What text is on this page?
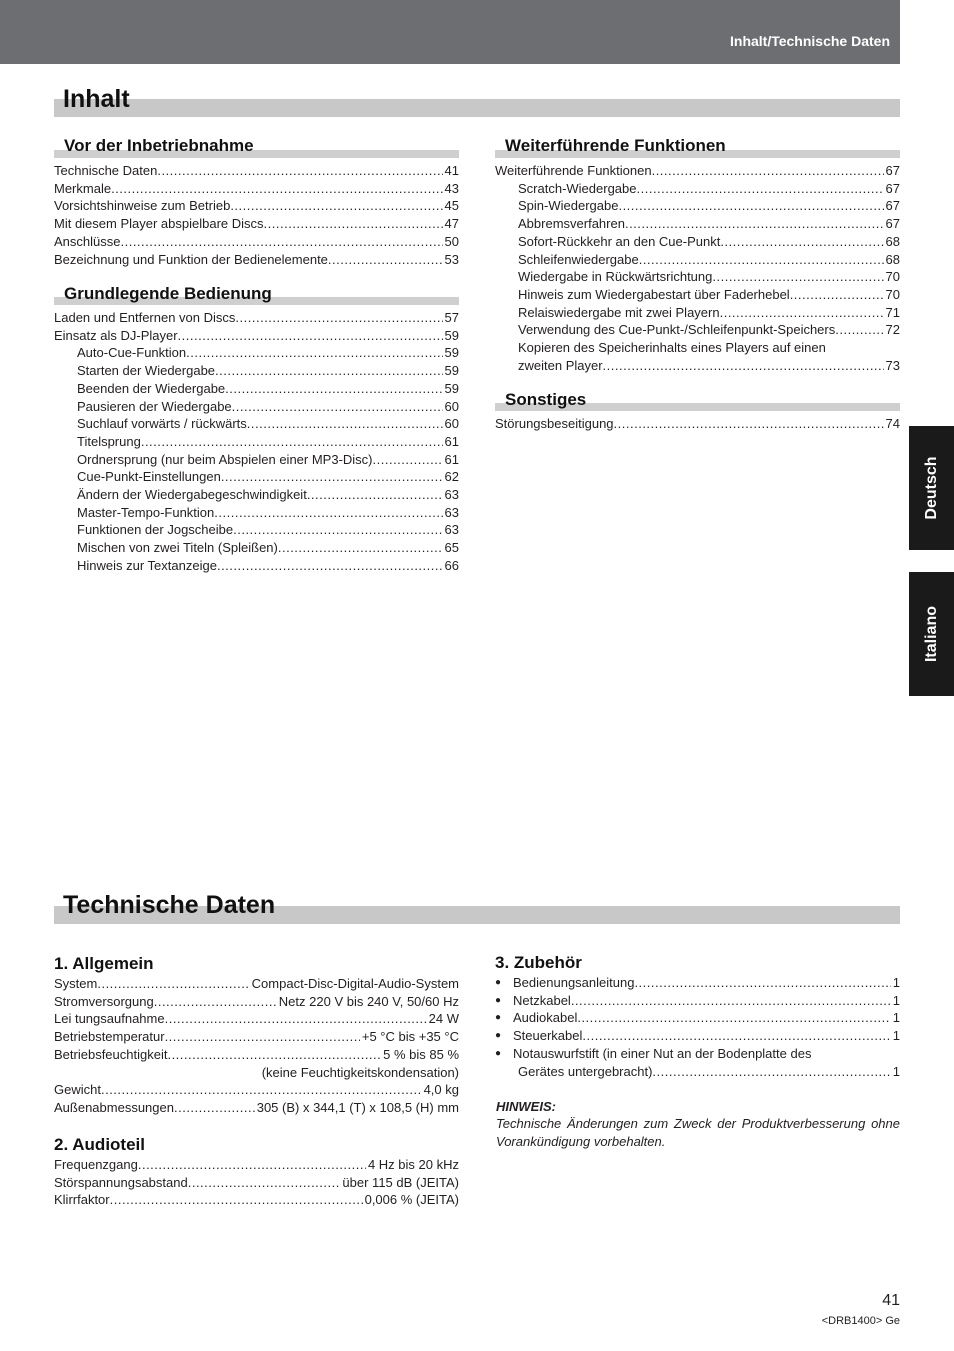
Inhalt/Technische Daten
Inhalt
Vor der Inbetriebnahme
Technische Daten .....	41
Merkmale .....	43
Vorsichtshinweise zum Betrieb .....	45
Mit diesem Player abspielbare Discs .....	47
Anschlüsse .....	50
Bezeichnung und Funktion der Bedienelemente .....	53
Grundlegende Bedienung
Laden und Entfernen von Discs .....	57
Einsatz als DJ-Player .....	59
Auto-Cue-Funktion .....	59
Starten der Wiedergabe .....	59
Beenden der Wiedergabe .....	59
Pausieren der Wiedergabe .....	60
Suchlauf vorwärts / rückwärts .....	60
Titelsprung .....	61
Ordnersprung (nur beim Abspielen einer MP3-Disc) .....	61
Cue-Punkt-Einstellungen .....	62
Ändern der Wiedergabegeschwindigkeit .....	63
Master-Tempo-Funktion .....	63
Funktionen der Jogscheibe .....	63
Mischen von zwei Titeln (Spleißen) .....	65
Hinweis zur Textanzeige .....	66
Weiterführende Funktionen
Weiterführende Funktionen .....	67
Scratch-Wiedergabe .....	67
Spin-Wiedergabe .....	67
Abbremsverfahren .....	67
Sofort-Rückkehr an den Cue-Punkt .....	68
Schleifenwiedergabe .....	68
Wiedergabe in Rückwärtsrichtung .....	70
Hinweis zum Wiedergabestart über Faderhebel .....	70
Relaiswiedergabe mit zwei Playern .....	71
Verwendung des Cue-Punkt-/Schleifenpunkt-Speichers .....	72
Kopieren des Speicherinhalts eines Players auf einen
zweiten Player .....	73
Sonstiges
Störungsbeseitigung .....	74
Technische Daten
1. Allgemein
System .....	Compact-Disc-Digital-Audio-System
Stromversorgung .....	Netz 220 V bis 240 V, 50/60 Hz
Lei tungsaufnahme .....	24 W
Betriebstemperatur .....	+5 °C bis +35 °C
Betriebsfeuchtigkeit .....	5 % bis 85 %
(keine Feuchtigkeitskondensation)
Gewicht .....	4,0 kg
Außenabmessungen .....	305 (B) x 344,1 (T) x 108,5 (H) mm
2. Audioteil
Frequenzgang .....	4 Hz bis 20 kHz
Störspannungsabstand .....	über 115 dB (JEITA)
Klirrfaktor .....	0,006 % (JEITA)
3. Zubehör
● Bedienungsanleitung .....	1
● Netzkabel .....	1
● Audiokabel .....	1
● Steuerkabel .....	1
● Notauswurfstift (in einer Nut an der Bodenplatte des
Gerätes untergebracht) .....	1
HINWEIS:
Technische Änderungen zum Zweck der Produktverbesserung ohne Vorankündigung vorbehalten.
Deutsch
Italiano
41
<DRB1400> Ge
